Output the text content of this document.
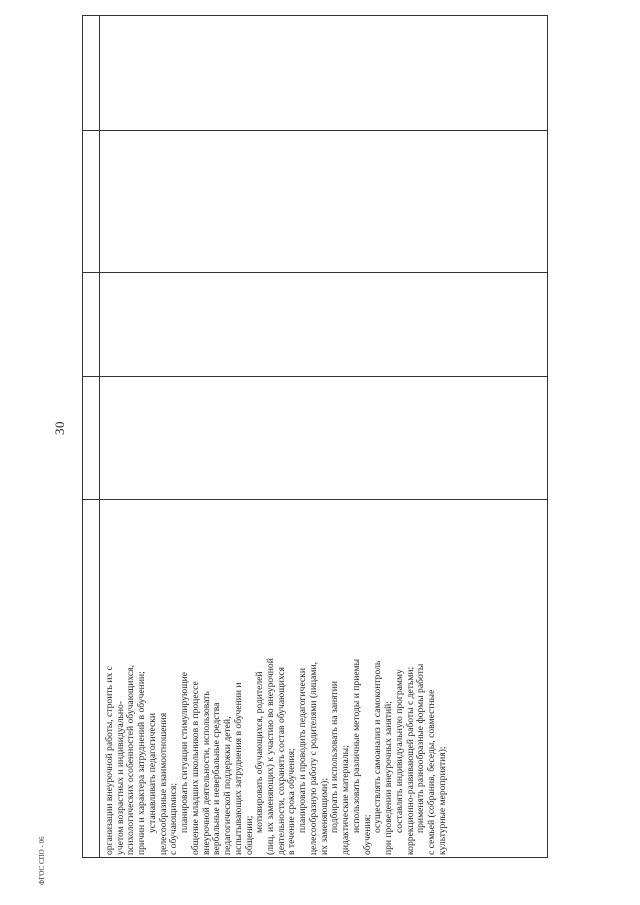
30
ФГОС СПО - 06
организации внеурочной работы, строить их с учетом возрастных и индивидуально- психологических особенностей обучающихся, причин и характера затруднений в обучении; устанавливать педагогически целесообразные взаимоотношения с обучающимися; планировать ситуации стимулирующие общение младших школьников в процессе внеурочной деятельности, использовать вербальные и невербальные средства педагогической поддержки детей, испытывающих затруднения в обучении и общении;
мотивировать обучающихся, родителей (лиц, их заменяющих) к участию во внеурочной деятельности, сохранять состав обучающихся в течение срока обучения; планировать и проводить педагогически целесообразную работу с родителями (лицами, их заменяющими); подбирать и использовать на занятии дидактические материалы; использовать различные методы и приемы
обучения;
осуществлять самоанализ и самоконтроль при проведении внеурочных занятий; составлять индивидуальную программу коррекционно-развивающей работы с детьми; применять разнообразные формы работы с семьей (собрания, беседы, совместные культурные мероприятия);
